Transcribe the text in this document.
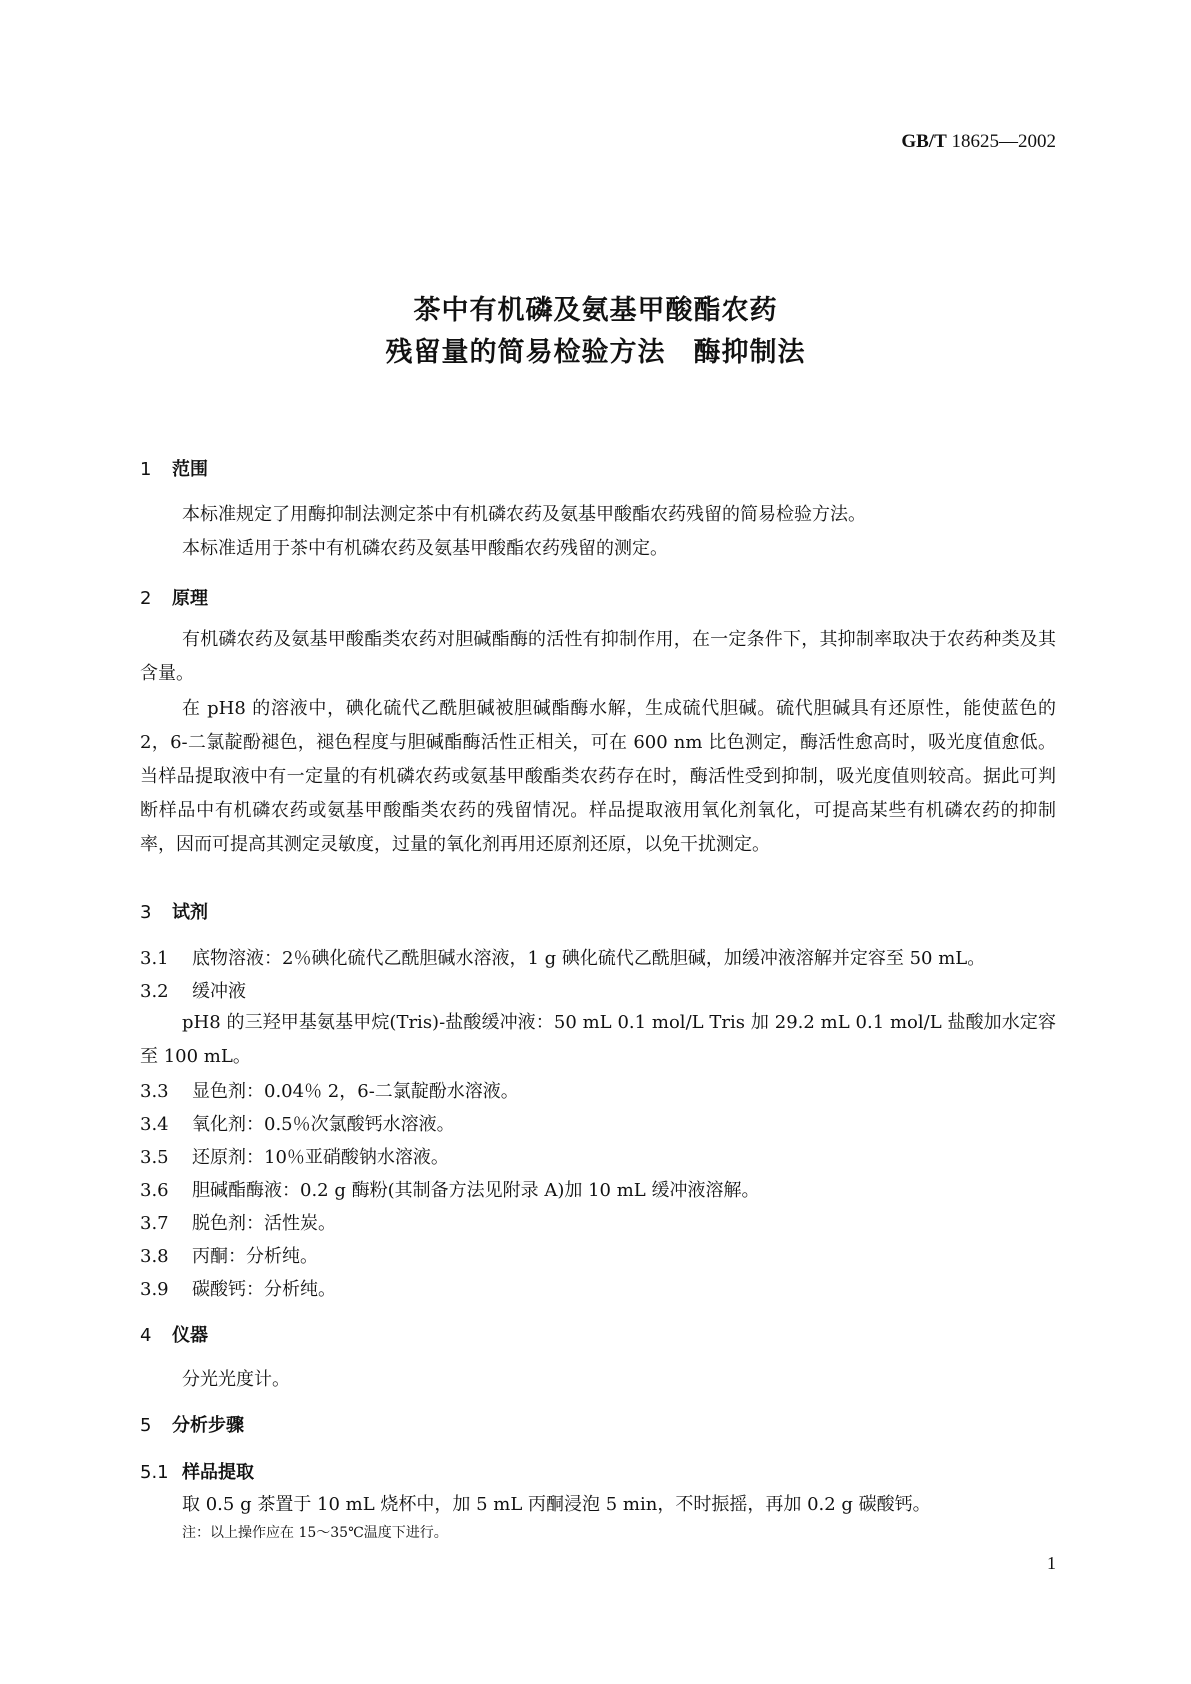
GB/T 18625—2002
茶中有机磷及氨基甲酸酯农药
残留量的简易检验方法　酶抑制法
1 范围
本标准规定了用酶抑制法测定茶中有机磷农药及氨基甲酸酯农药残留的简易检验方法。
本标准适用于茶中有机磷农药及氨基甲酸酯农药残留的测定。
2 原理
有机磷农药及氨基甲酸酯类农药对胆碱酯酶的活性有抑制作用，在一定条件下，其抑制率取决于农药种类及其含量。
在 pH8 的溶液中，碘化硫代乙酰胆碱被胆碱酯酶水解，生成硫代胆碱。硫代胆碱具有还原性，能使蓝色的 2，6-二氯靛酚褪色，褪色程度与胆碱酯酶活性正相关，可在 600 nm 比色测定，酶活性愈高时，吸光度值愈低。当样品提取液中有一定量的有机磷农药或氨基甲酸酯类农药存在时，酶活性受到抑制，吸光度值则较高。据此可判断样品中有机磷农药或氨基甲酸酯类农药的残留情况。样品提取液用氧化剂氧化，可提高某些有机磷农药的抑制率，因而可提高其测定灵敏度，过量的氧化剂再用还原剂还原，以免干扰测定。
3 试剂
3.1 底物溶液：2％碘化硫代乙酰胆碱水溶液，1 g 碘化硫代乙酰胆碱，加缓冲液溶解并定容至 50 mL。
3.2 缓冲液
pH8 的三羟甲基氨基甲烷(Tris)-盐酸缓冲液：50 mL 0.1 mol/L Tris 加 29.2 mL 0.1 mol/L 盐酸加水定容至 100 mL。
3.3 显色剂：0.04％ 2，6-二氯靛酚水溶液。
3.4 氧化剂：0.5％次氯酸钙水溶液。
3.5 还原剂：10％亚硝酸钠水溶液。
3.6 胆碱酯酶液：0.2 g 酶粉(其制备方法见附录 A)加 10 mL 缓冲液溶解。
3.7 脱色剂：活性炭。
3.8 丙酮：分析纯。
3.9 碳酸钙：分析纯。
4 仪器
分光光度计。
5 分析步骤
5.1 样品提取
取 0.5 g 茶置于 10 mL 烧杯中，加 5 mL 丙酮浸泡 5 min，不时振摇，再加 0.2 g 碳酸钙。
注：以上操作应在 15～35℃温度下进行。
1
